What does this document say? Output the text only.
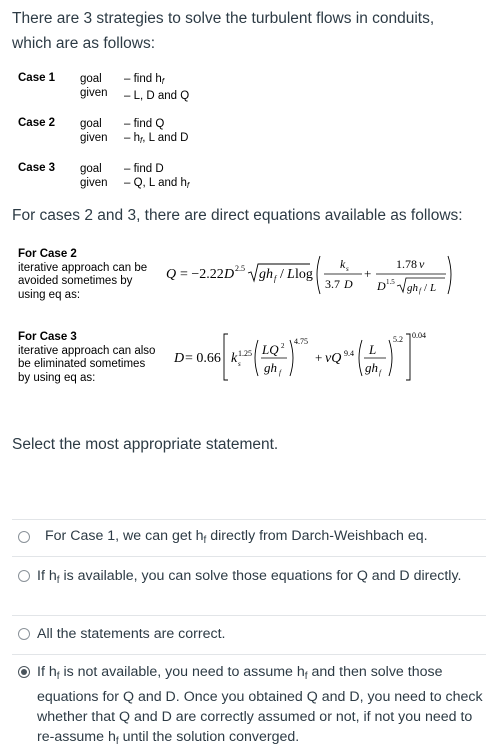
There are 3 strategies to solve the turbulent flows in conduits,
which are as follows:
Case 1 goal
given
– find $h_f$
– L, D and Q
Case 2 goal
given
– find Q
– $h_f$, L and D
Case 3 goal
given
– find D
– Q, L and $h_f$
For cases 2 and 3, there are direct equations available as follows:
For Case 2
iterative approach can be
avoided sometimes by
using eq as:
Q = −2.22 D 2.5 gh f / L log
k s
3.7 D
+
1.78 ν
D 1.5 gh f / L
For Case 3
iterative approach can also
be eliminated sometimes
by using eq as:
D = 0.66 k 1.25
s
LQ 2
gh f
4.75
+ νQ 9.4 L
gh f
5.2 0.04
Select the most appropriate statement.
For Case 1, we can get $h_f$ directly from Darch-Weishbach eq.
If $h_f$ is available, you can solve those equations for Q and D directly.
All the statements are correct.
If $h_f$ is not available, you need to assume $h_f$ and then solve those equations for Q and D. Once you obtained Q and D, you need to check whether that Q and D are correctly assumed or not, if not you need to re-assume $h_f$ until the solution converged.
